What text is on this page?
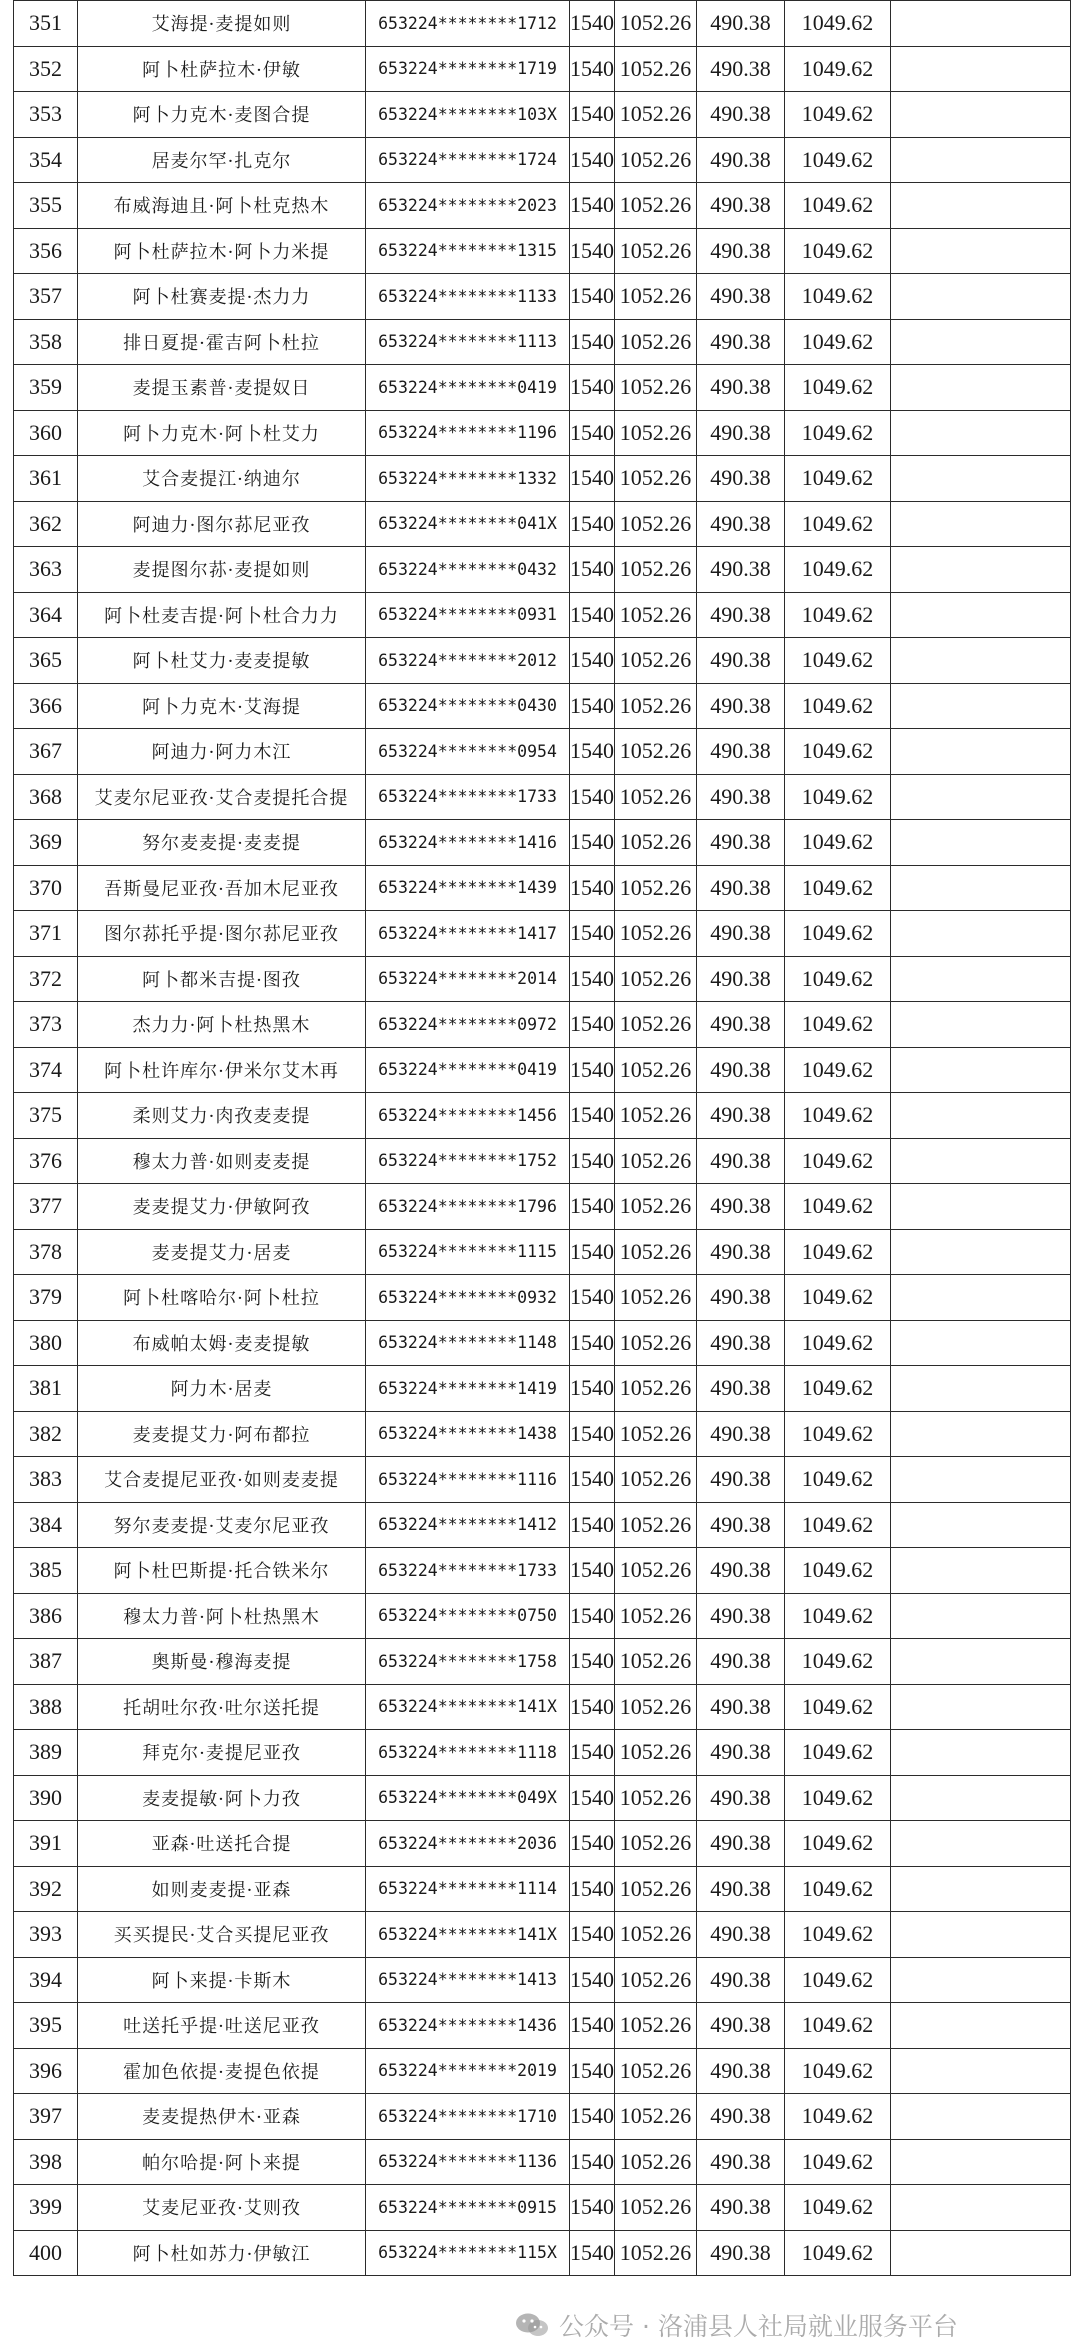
351	艾海提·麦提如则	653224********1712	1540	1052.26	490.38	1049.62	
352	阿卜杜萨拉木·伊敏	653224********1719	1540	1052.26	490.38	1049.62	
353	阿卜力克木·麦图合提	653224********103X	1540	1052.26	490.38	1049.62	
354	居麦尔罕·扎克尔	653224********1724	1540	1052.26	490.38	1049.62	
355	布威海迪且·阿卜杜克热木	653224********2023	1540	1052.26	490.38	1049.62	
356	阿卜杜萨拉木·阿卜力米提	653224********1315	1540	1052.26	490.38	1049.62	
357	阿卜杜赛麦提·杰力力	653224********1133	1540	1052.26	490.38	1049.62	
358	排日夏提·霍吉阿卜杜拉	653224********1113	1540	1052.26	490.38	1049.62	
359	麦提玉素普·麦提奴日	653224********0419	1540	1052.26	490.38	1049.62	
360	阿卜力克木·阿卜杜艾力	653224********1196	1540	1052.26	490.38	1049.62	
361	艾合麦提江·纳迪尔	653224********1332	1540	1052.26	490.38	1049.62	
362	阿迪力·图尔荪尼亚孜	653224********041X	1540	1052.26	490.38	1049.62	
363	麦提图尔荪·麦提如则	653224********0432	1540	1052.26	490.38	1049.62	
364	阿卜杜麦吉提·阿卜杜合力力	653224********0931	1540	1052.26	490.38	1049.62	
365	阿卜杜艾力·麦麦提敏	653224********2012	1540	1052.26	490.38	1049.62	
366	阿卜力克木·艾海提	653224********0430	1540	1052.26	490.38	1049.62	
367	阿迪力·阿力木江	653224********0954	1540	1052.26	490.38	1049.62	
368	艾麦尔尼亚孜·艾合麦提托合提	653224********1733	1540	1052.26	490.38	1049.62	
369	努尔麦麦提·麦麦提	653224********1416	1540	1052.26	490.38	1049.62	
370	吾斯曼尼亚孜·吾加木尼亚孜	653224********1439	1540	1052.26	490.38	1049.62	
371	图尔荪托乎提·图尔荪尼亚孜	653224********1417	1540	1052.26	490.38	1049.62	
372	阿卜都米吉提·图孜	653224********2014	1540	1052.26	490.38	1049.62	
373	杰力力·阿卜杜热黑木	653224********0972	1540	1052.26	490.38	1049.62	
374	阿卜杜许库尔·伊米尔艾木再	653224********0419	1540	1052.26	490.38	1049.62	
375	柔则艾力·肉孜麦麦提	653224********1456	1540	1052.26	490.38	1049.62	
376	穆太力普·如则麦麦提	653224********1752	1540	1052.26	490.38	1049.62	
377	麦麦提艾力·伊敏阿孜	653224********1796	1540	1052.26	490.38	1049.62	
378	麦麦提艾力·居麦	653224********1115	1540	1052.26	490.38	1049.62	
379	阿卜杜喀哈尔·阿卜杜拉	653224********0932	1540	1052.26	490.38	1049.62	
380	布威帕太姆·麦麦提敏	653224********1148	1540	1052.26	490.38	1049.62	
381	阿力木·居麦	653224********1419	1540	1052.26	490.38	1049.62	
382	麦麦提艾力·阿布都拉	653224********1438	1540	1052.26	490.38	1049.62	
383	艾合麦提尼亚孜·如则麦麦提	653224********1116	1540	1052.26	490.38	1049.62	
384	努尔麦麦提·艾麦尔尼亚孜	653224********1412	1540	1052.26	490.38	1049.62	
385	阿卜杜巴斯提·托合铁米尔	653224********1733	1540	1052.26	490.38	1049.62	
386	穆太力普·阿卜杜热黑木	653224********0750	1540	1052.26	490.38	1049.62	
387	奥斯曼·穆海麦提	653224********1758	1540	1052.26	490.38	1049.62	
388	托胡吐尔孜·吐尔送托提	653224********141X	1540	1052.26	490.38	1049.62	
389	拜克尔·麦提尼亚孜	653224********1118	1540	1052.26	490.38	1049.62	
390	麦麦提敏·阿卜力孜	653224********049X	1540	1052.26	490.38	1049.62	
391	亚森·吐送托合提	653224********2036	1540	1052.26	490.38	1049.62	
392	如则麦麦提·亚森	653224********1114	1540	1052.26	490.38	1049.62	
393	买买提民·艾合买提尼亚孜	653224********141X	1540	1052.26	490.38	1049.62	
394	阿卜来提·卡斯木	653224********1413	1540	1052.26	490.38	1049.62	
395	吐送托乎提·吐送尼亚孜	653224********1436	1540	1052.26	490.38	1049.62	
396	霍加色依提·麦提色依提	653224********2019	1540	1052.26	490.38	1049.62	
397	麦麦提热伊木·亚森	653224********1710	1540	1052.26	490.38	1049.62	
398	帕尔哈提·阿卜来提	653224********1136	1540	1052.26	490.38	1049.62	
399	艾麦尼亚孜·艾则孜	653224********0915	1540	1052.26	490.38	1049.62	
400	阿卜杜如苏力·伊敏江	653224********115X	1540	1052.26	490.38	1049.62	
公众号 · 洛浦县人社局就业服务平台
